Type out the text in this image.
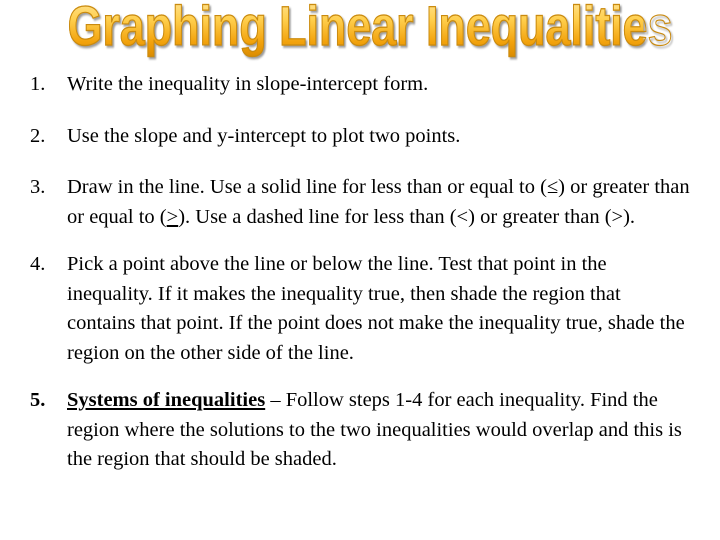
Graphing Linear Inequalities
1. Write the inequality in slope-intercept form.
2. Use the slope and y-intercept to plot two points.
3. Draw in the line. Use a solid line for less than or equal to (≤) or greater than or equal to (>). Use a dashed line for less than (<) or greater than (>).
4. Pick a point above the line or below the line. Test that point in the inequality. If it makes the inequality true, then shade the region that contains that point. If the point does not make the inequality true, shade the region on the other side of the line.
5. Systems of inequalities – Follow steps 1-4 for each inequality. Find the region where the solutions to the two inequalities would overlap and this is the region that should be shaded.
